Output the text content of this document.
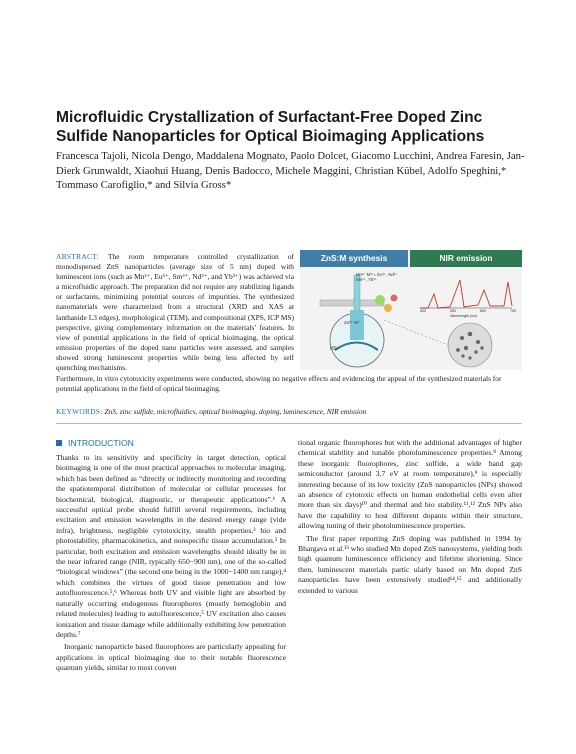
Microfluidic Crystallization of Surfactant-Free Doped Zinc Sulfide Nanoparticles for Optical Bioimaging Applications
Francesca Tajoli, Nicola Dengo, Maddalena Mognato, Paolo Dolcet, Giacomo Lucchini, Andrea Faresin, Jan-Dierk Grunwaldt, Xiaohui Huang, Denis Badocco, Michele Maggini, Christian Kübel, Adolfo Speghini,* Tommaso Carofiglio,* and Silvia Gross*
ABSTRACT: The room temperature controlled crystallization of monodispersed ZnS nanoparticles (average size of 5 nm) doped with luminescent ions (such as Mn²⁺, Eu³⁺, Sm³⁺, Nd³⁺, and Yb³⁺) was achieved via a microfluidic approach. The preparation did not require any stabilizing ligands or surfactants, minimizing potential sources of impurities. The synthesized nanomaterials were characterized from a structural (XRD and XAS at lanthanide L3 edges), morphological (TEM), and compositional (XPS, ICP MS) perspective, giving complementary information on the materials’ features. In view of potential applications in the field of optical bioimaging, the optical emission properties of the doped nano particles were assessed, and samples showed strong luminescent properties while being less affected by self quenching mechanisms.
Furthermore, in vitro cytotoxicity experiments were conducted, showing no negative effects and evidencing the appeal of the synthesized materials for potential applications in the field of optical bioimaging.
KEYWORDS: ZnS, zinc sulfide, microfluidics, optical bioimaging, doping, luminescence, NIR emission
ZnS:M synthesis	NIR emission
Mn²⁺ M³⁺= Eu³⁺, Nd³⁺ Sm³⁺, Yb³⁺
Zn²⁺ M⁺
HS⁻
400	550	600	700
Wavelength (nm)
INTRODUCTION

Thanks to its sensitivity and specificity in target detection, optical bioimaging is one of the most practical approaches to molecular imaging, which has been defined as “directly or indirectly monitoring and recording the spatiotemporal distribution of molecular or cellular processes for biochemical, biological, diagnostic, or therapeutic applications”.¹ A successful optical probe should fulfill several requirements, including excitation and emission wavelengths in the desired energy range (vide infra), brightness, negligible cytotoxicity, stealth properties,² bio and photostability, pharmacokinetics, and nonspecific tissue accumulation.³ In particular, both excitation and emission wavelengths should ideally be in the near infrared range (NIR, typically 650−900 nm), one of the so-called “biological windows” (the second one being in the 1000−1400 nm range),⁴ which combines the virtues of good tissue penetration and low autofluorescence.⁵,⁶ Whereas both UV and visible light are absorbed by naturally occurring endogenous fluorophores (mostly hemoglobin and related molecules) leading to autofluorescence,⁵ UV excitation also causes ionization and tissue damage while additionally exhibiting low penetration depths.⁷

Inorganic nanoparticle based fluorophores are particularly appealing for applications in optical bioimaging due to their notable fluorescence quantum yields, similar to most conven

tional organic fluorophores but with the additional advantages of higher chemical stability and tunable photoluminescence properties.⁸ Among these inorganic fluorophores, zinc sulfide, a wide band gap semiconductor (around 3.7 eV at room temperature),⁹ is especially interesting because of its low toxicity (ZnS nanoparticles (NPs) showed an absence of cytotoxic effects on human endothelial cells even after more than six days)¹⁰ and thermal and bio stability.¹¹,¹² ZnS NPs also have the capability to host different dopants within their structure, allowing tuning of their photoluminescence properties.

The first paper reporting ZnS doping was published in 1994 by Bhargava et al.¹³ who studied Mn doped ZnS nanosystems, yielding both high quantum luminescence efficiency and lifetime shortening. Since then, luminescent materials partic ularly based on Mn doped ZnS nanoparticles have been extensively studied¹⁴,¹⁵ and additionally extended to various
